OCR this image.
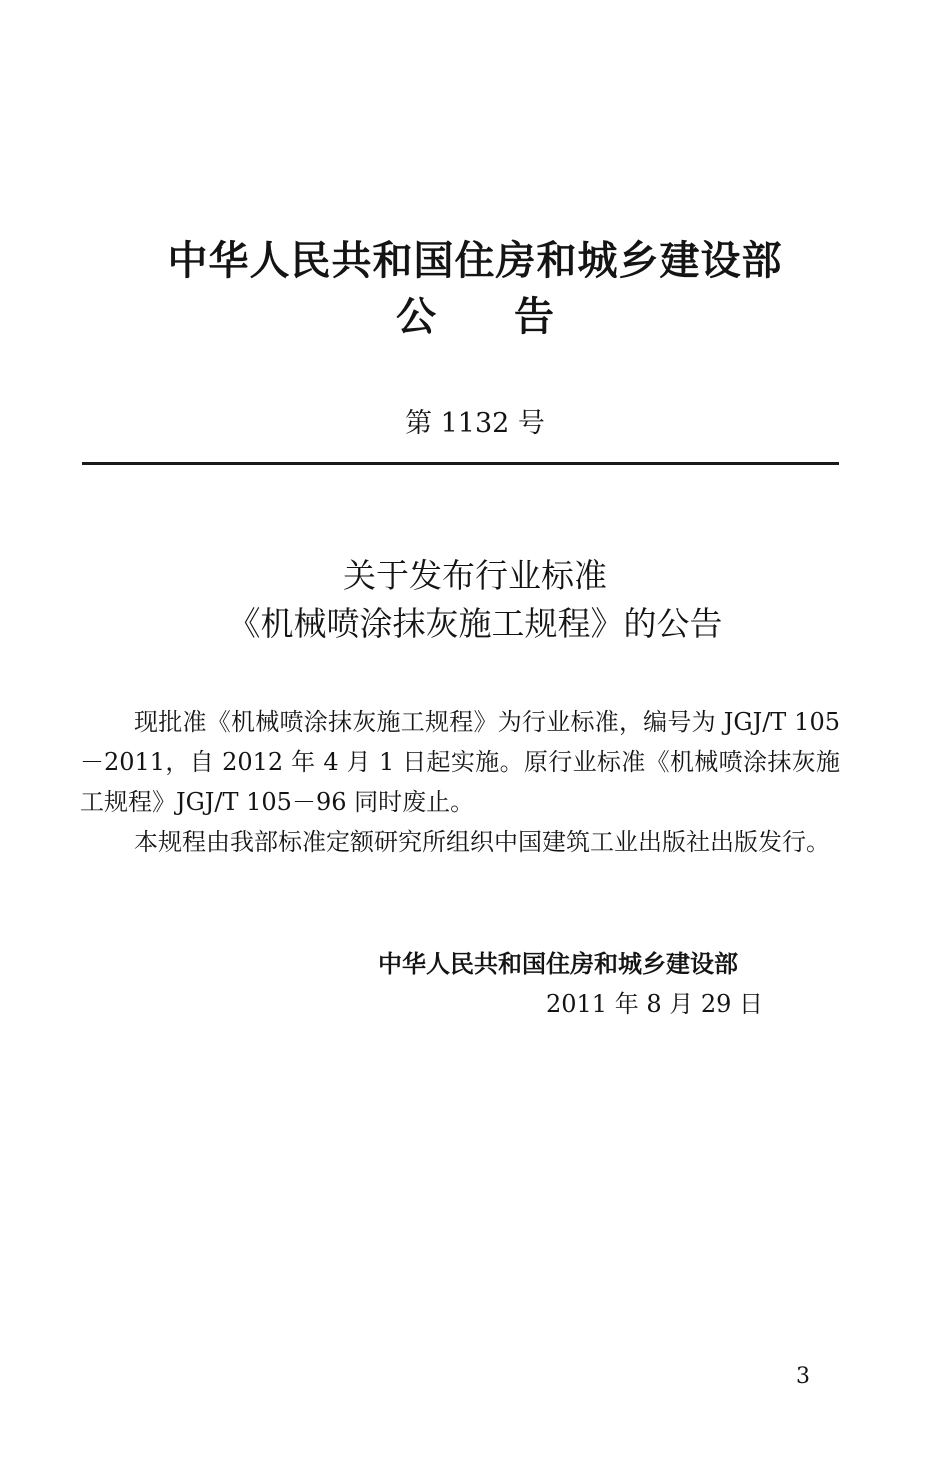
中华人民共和国住房和城乡建设部
公告
第 1132 号
关于发布行业标准
《机械喷涂抹灰施工规程》的公告
现批准《机械喷涂抹灰施工规程》为行业标准，编号为 JGJ/T 105－2011，自 2012 年 4 月 1 日起实施。原行业标准《机械喷涂抹灰施工规程》JGJ/T 105－96 同时废止。
本规程由我部标准定额研究所组织中国建筑工业出版社出版发行。
中华人民共和国住房和城乡建设部
2011 年 8 月 29 日
3
